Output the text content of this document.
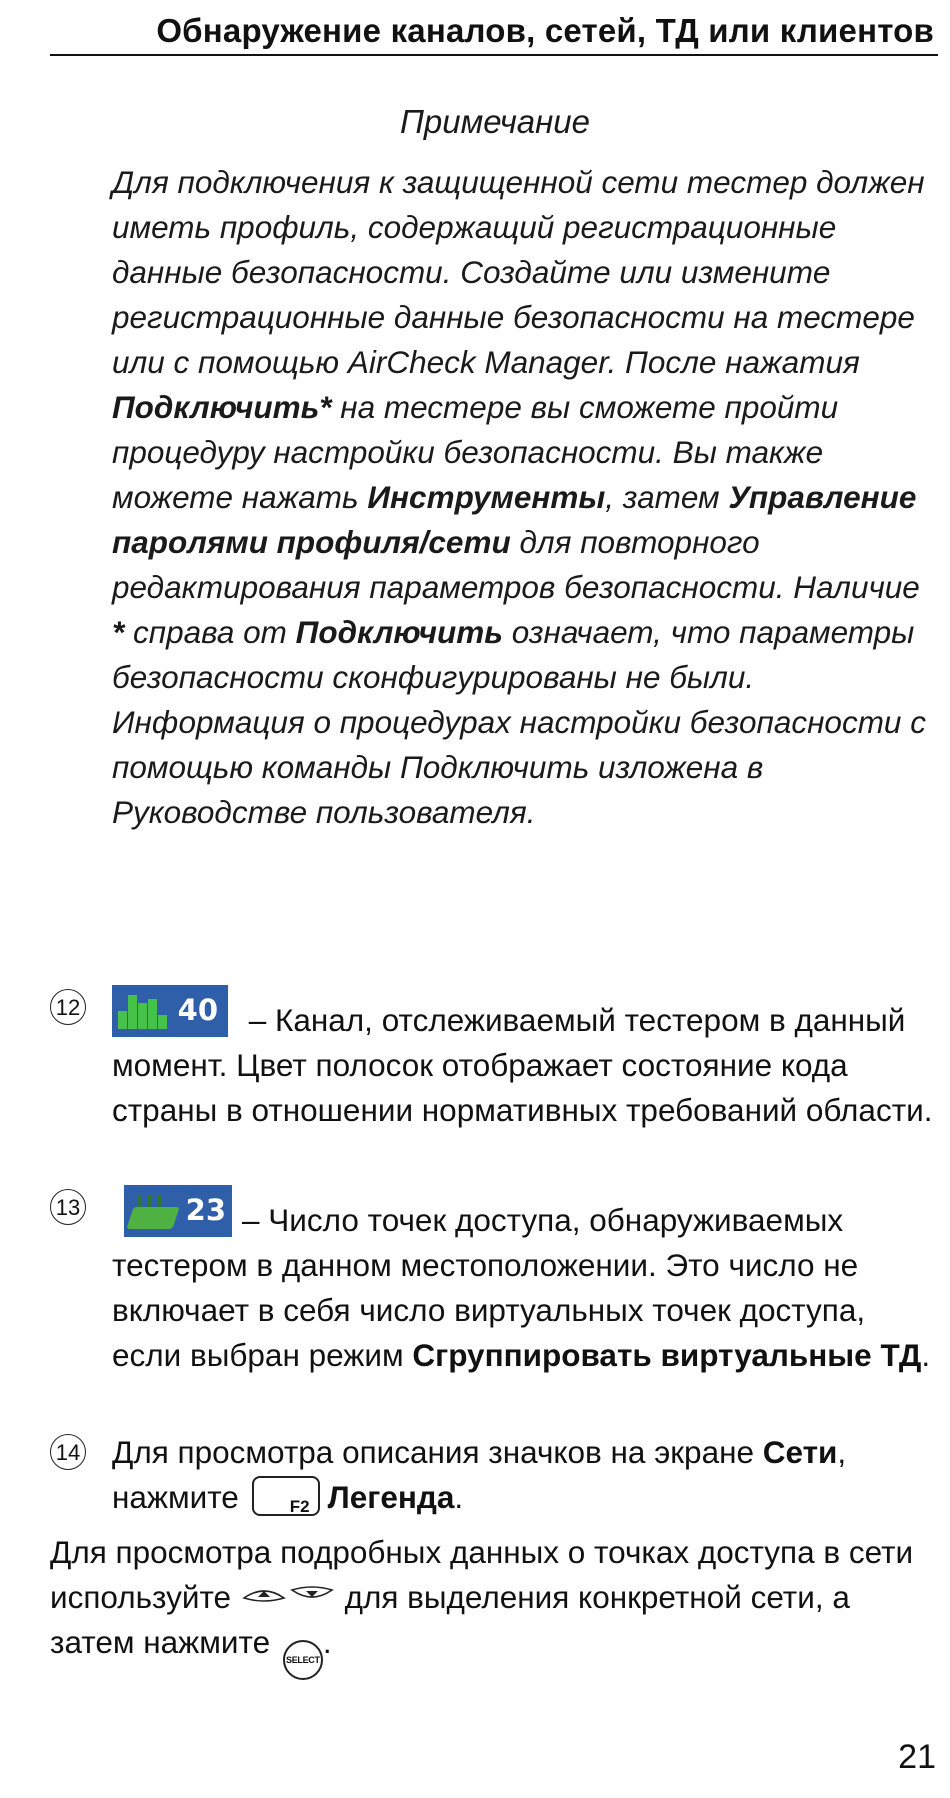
Обнаружение каналов, сетей, ТД или клиентов
Примечание
Для подключения к защищенной сети тестер должен иметь профиль, содержащий регистрационные данные безопасности. Создайте или измените регистрационные данные безопасности на тестере или с помощью AirCheck Manager. После нажатия Подключить* на тестере вы сможете пройти процедуру настройки безопасности. Вы также можете нажать Инструменты, затем Управление паролями профиля/сети для повторного редактирования параметров безопасности. Наличие * справа от Подключить означает, что параметры безопасности сконфигурированы не были. Информация о процедурах настройки безопасности с помощью команды Подключить изложена в Руководстве пользователя.
12	40 – Канал, отслеживаемый тестером в данный момент. Цвет полосок отображает состояние кода страны в отношении нормативных требований области.
13	23 – Число точек доступа, обнаруживаемых тестером в данном местоположении. Это число не включает в себя число виртуальных точек доступа, если выбран режим Сгруппировать виртуальные ТД.
14 Для просмотра описания значков на экране Сети, нажмите F2 Легенда.
Для просмотра подробных данных о точках доступа в сети используйте	для выделения конкретной сети, а затем нажмите SELECT.
21
